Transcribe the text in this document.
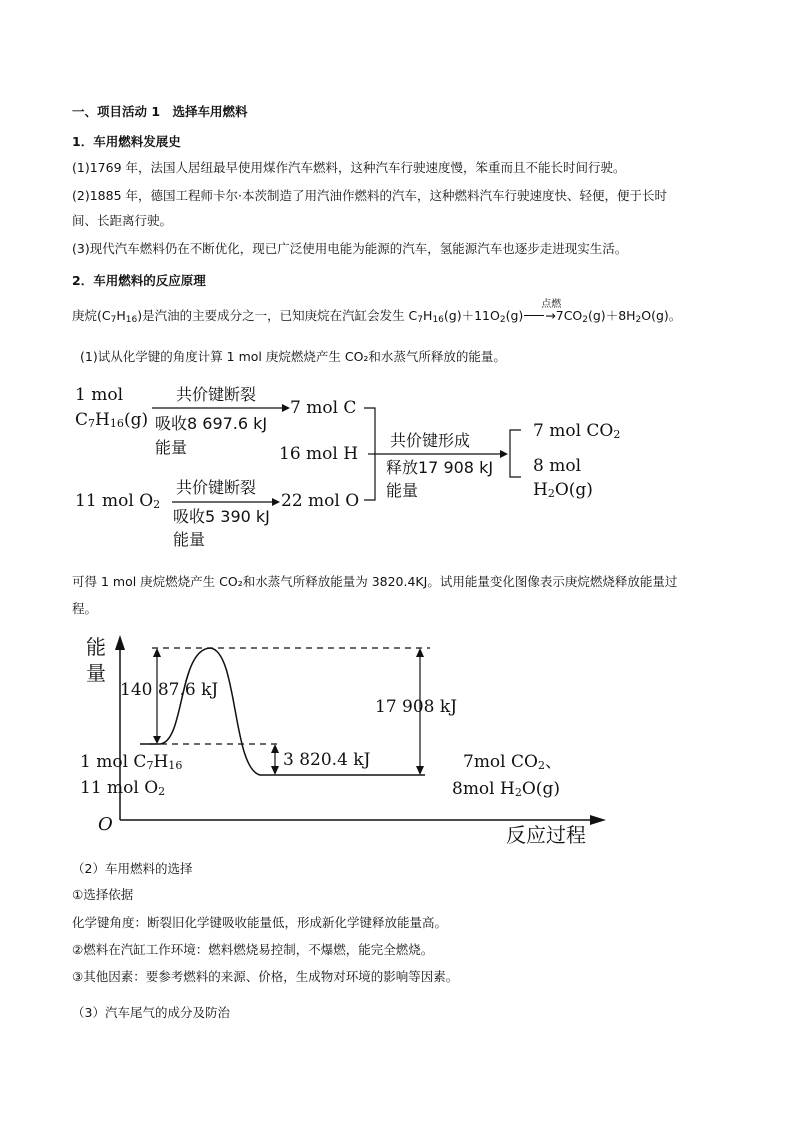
一、项目活动 1　选择车用燃料
1．车用燃料发展史
(1)1769 年，法国人居纽最早使用煤作汽车燃料，这种汽车行驶速度慢，笨重而且不能长时间行驶。
(2)1885 年，德国工程师卡尔·本茨制造了用汽油作燃料的汽车，这种燃料汽车行驶速度快、轻便，便于长时
间、长距离行驶。
(3)现代汽车燃料仍在不断优化，现已广泛使用电能为能源的汽车，氢能源汽车也逐步走进现实生活。
2．车用燃料的反应原理
庚烷(C7H16)是汽油的主要成分之一，已知庚烷在汽缸会发生 C7H16(g)＋11O2(g)
点燃
→7CO2(g)＋8H2O(g)。
(1)试从化学键的角度计算 1 mol 庚烷燃烧产生 CO₂和水蒸气所释放的能量。
1 mol
$C_7H_{16}(g)$
共价键断裂
吸收8 697.6 kJ
能量
7 mol C
16 mol H
22 mol O
11 mol $O_2$
共价键断裂
吸收5 390 kJ
能量
共价键形成
释放17 908 kJ
能量
7 mol $CO_2$
8 mol
$H_2O(g)$
可得 1 mol 庚烷燃烧产生 CO₂和水蒸气所释放能量为 3820.4KJ。试用能量变化图像表示庚烷燃烧释放能量过
程。
能
量
反应过程
O
140 87.6 kJ
17 908 kJ
3 820.4 kJ
1 mol $C_7H_{16}$
11 mol $O_2$
7mol $CO_2$、
8mol $H_2O(g)$
（2）车用燃料的选择
①选择依据
化学键角度：断裂旧化学键吸收能量低，形成新化学键释放能量高。
②燃料在汽缸工作环境：燃料燃烧易控制，不爆燃，能完全燃烧。
③其他因素：要参考燃料的来源、价格，生成物对环境的影响等因素。
（3）汽车尾气的成分及防治
